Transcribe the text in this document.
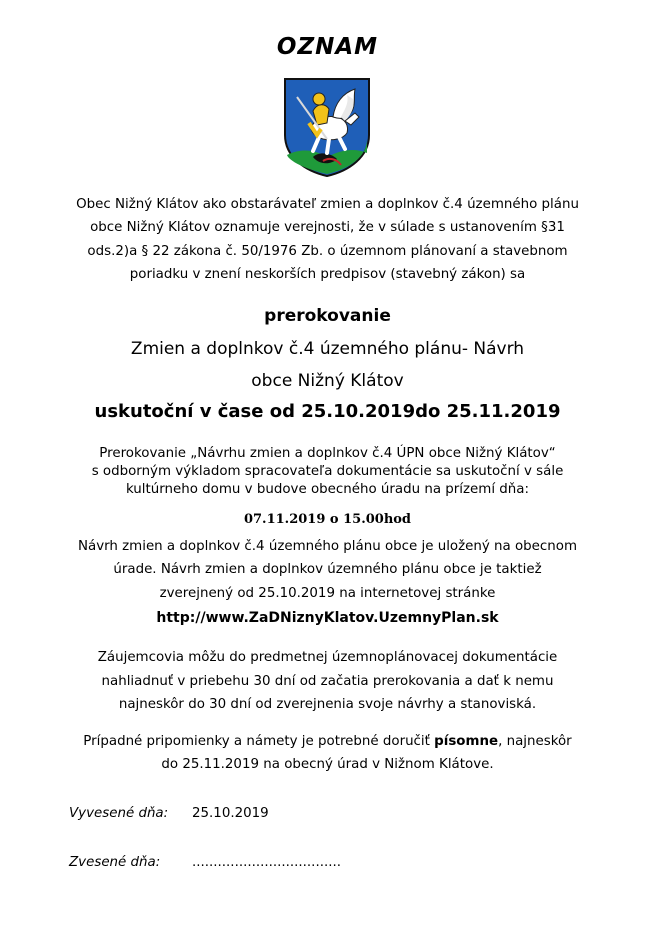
OZNAM
Obec Nižný Klátov ako obstarávateľ zmien a doplnkov č.4 územného plánu
obce Nižný Klátov oznamuje verejnosti, že v súlade s ustanovením §31
ods.2)a § 22 zákona č. 50/1976 Zb. o územnom plánovaní a stavebnom
poriadku v znení neskorších predpisov (stavebný zákon) sa
prerokovanie
Zmien a doplnkov č.4 územného plánu- Návrh
obce Nižný Klátov
uskutoční v čase od 25.10.2019do 25.11.2019
Prerokovanie „Návrhu zmien a doplnkov č.4 ÚPN obce Nižný Klátov“
s odborným výkladom spracovateľa dokumentácie sa uskutoční v sále
kultúrneho domu v budove obecného úradu na prízemí dňa:
07.11.2019 o 15.00hod
Návrh zmien a doplnkov č.4 územného plánu obce je uložený na obecnom
úrade. Návrh zmien a doplnkov územného plánu obce je taktiež
zverejnený od 25.10.2019 na internetovej stránke
http://www.ZaDNiznyKlatov.UzemnyPlan.sk
Záujemcovia môžu do predmetnej územnoplánovacej dokumentácie
nahliadnuť v priebehu 30 dní od začatia prerokovania a dať k nemu
najneskôr do 30 dní od zverejnenia svoje návrhy a stanoviská.
Prípadné pripomienky a námety je potrebné doručiť písomne, najneskôr
do 25.11.2019 na obecný úrad v Nižnom Klátove.
Vyvesené dňa: 25.10.2019
Zvesené dňa: ...................................
